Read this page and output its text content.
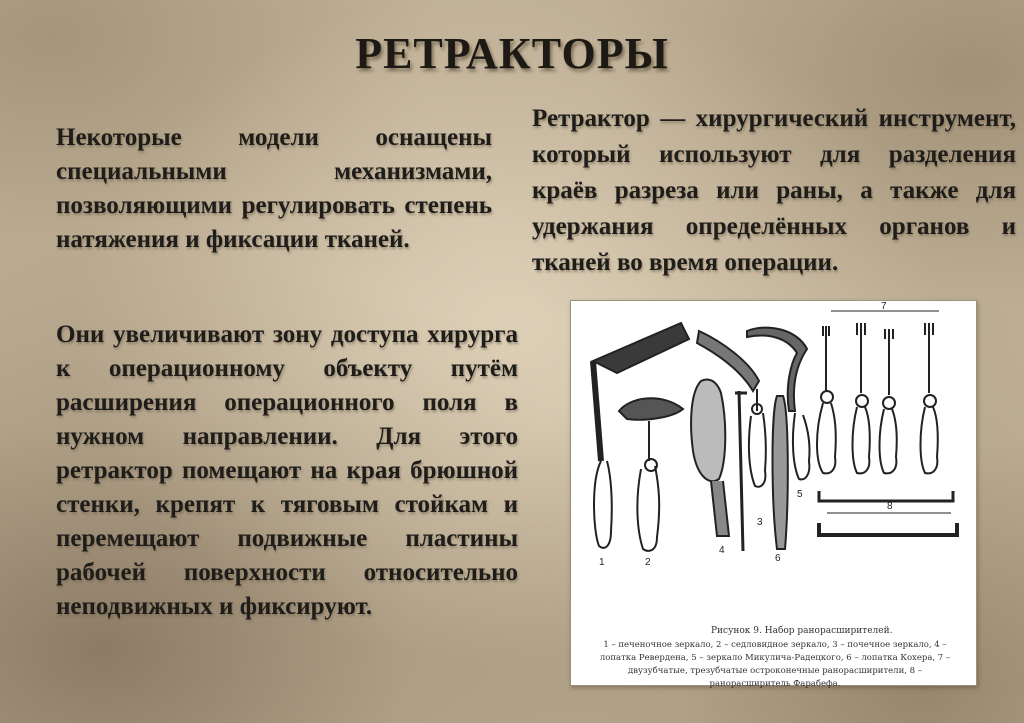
РЕТРАКТОРЫ
Некоторые модели оснащены специальными механизмами, позволяющими регулировать степень натяжения и фиксации тканей.
Они увеличивают зону доступа хирурга к операционному объекту путём расширения операционного поля в нужном направлении. Для этого ретрактор помещают на края брюшной стенки, крепят к тяговым стойкам и перемещают подвижные пластины рабочей поверхности относительно неподвижных и фиксируют.
Ретрактор — хирургический инструмент, который используют для разделения краёв разреза или раны, а также для удержания определённых органов и тканей во время операции.
1	2
3
4
5
6
7
8
Рисунок 9. Набор ранорасширителей.
1 – печеночное зеркало, 2 – седловидное зеркало, 3 – почечное зеркало, 4 – лопатка Ревердена, 5 – зеркало Микулича-Радецкого, 6 – лопатка Кохера, 7 – двузубчатые, трезубчатые остроконечные ранорасширители, 8 – ранорасширитель Фарабефа.
